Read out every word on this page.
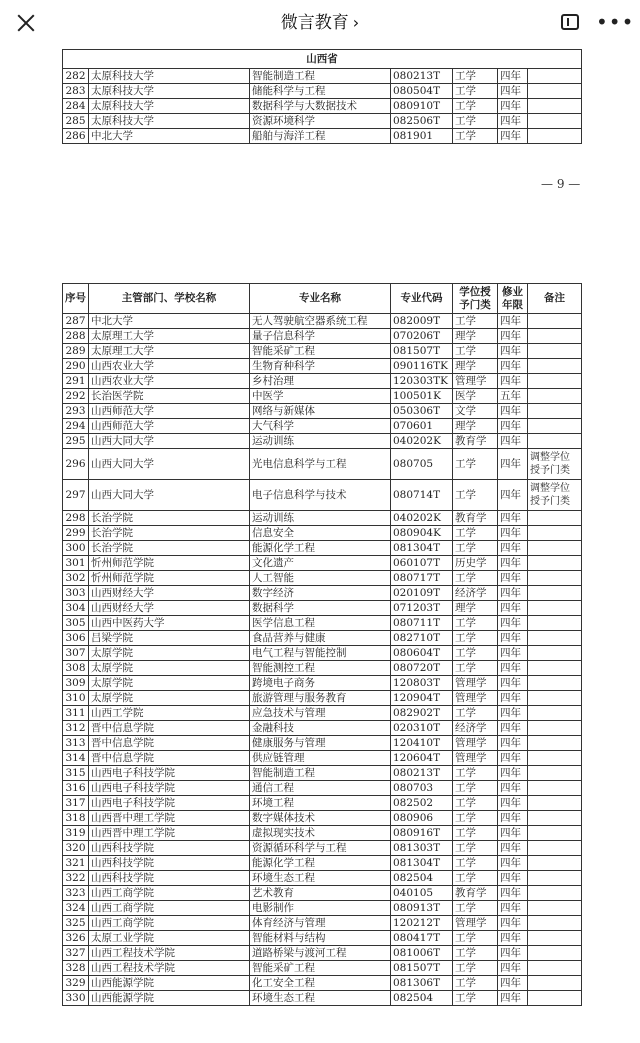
微言教育 ›	•••
山西省						
282	太原科技大学	智能制造工程	080213T	工学	四年	
283	太原科技大学	储能科学与工程	080504T	工学	四年	
284	太原科技大学	数据科学与大数据技术	080910T	工学	四年	
285	太原科技大学	资源环境科学	082506T	工学	四年	
286	中北大学	船舶与海洋工程	081901	工学	四年	
— 9 —
序号	主管部门、学校名称	专业名称	专业代码	学位授予门类	修业年限	备注
287	中北大学	无人驾驶航空器系统工程	082009T	工学	四年	
288	太原理工大学	量子信息科学	070206T	理学	四年	
289	太原理工大学	智能采矿工程	081507T	工学	四年	
290	山西农业大学	生物育种科学	090116TK	理学	四年	
291	山西农业大学	乡村治理	120303TK	管理学	四年	
292	长治医学院	中医学	100501K	医学	五年	
293	山西师范大学	网络与新媒体	050306T	文学	四年	
294	山西师范大学	大气科学	070601	理学	四年	
295	山西大同大学	运动训练	040202K	教育学	四年	
296	山西大同大学	光电信息科学与工程	080705	工学	四年	调整学位授予门类
297	山西大同大学	电子信息科学与技术	080714T	工学	四年	调整学位授予门类
298	长治学院	运动训练	040202K	教育学	四年	
299	长治学院	信息安全	080904K	工学	四年	
300	长治学院	能源化学工程	081304T	工学	四年	
301	忻州师范学院	文化遗产	060107T	历史学	四年	
302	忻州师范学院	人工智能	080717T	工学	四年	
303	山西财经大学	数字经济	020109T	经济学	四年	
304	山西财经大学	数据科学	071203T	理学	四年	
305	山西中医药大学	医学信息工程	080711T	工学	四年	
306	吕梁学院	食品营养与健康	082710T	工学	四年	
307	太原学院	电气工程与智能控制	080604T	工学	四年	
308	太原学院	智能测控工程	080720T	工学	四年	
309	太原学院	跨境电子商务	120803T	管理学	四年	
310	太原学院	旅游管理与服务教育	120904T	管理学	四年	
311	山西工学院	应急技术与管理	082902T	工学	四年	
312	晋中信息学院	金融科技	020310T	经济学	四年	
313	晋中信息学院	健康服务与管理	120410T	管理学	四年	
314	晋中信息学院	供应链管理	120604T	管理学	四年	
315	山西电子科技学院	智能制造工程	080213T	工学	四年	
316	山西电子科技学院	通信工程	080703	工学	四年	
317	山西电子科技学院	环境工程	082502	工学	四年	
318	山西晋中理工学院	数字媒体技术	080906	工学	四年	
319	山西晋中理工学院	虚拟现实技术	080916T	工学	四年	
320	山西科技学院	资源循环科学与工程	081303T	工学	四年	
321	山西科技学院	能源化学工程	081304T	工学	四年	
322	山西科技学院	环境生态工程	082504	工学	四年	
323	山西工商学院	艺术教育	040105	教育学	四年	
324	山西工商学院	电影制作	080913T	工学	四年	
325	山西工商学院	体育经济与管理	120212T	管理学	四年	
326	太原工业学院	智能材料与结构	080417T	工学	四年	
327	山西工程技术学院	道路桥梁与渡河工程	081006T	工学	四年	
328	山西工程技术学院	智能采矿工程	081507T	工学	四年	
329	山西能源学院	化工安全工程	081306T	工学	四年	
330	山西能源学院	环境生态工程	082504	工学	四年	
